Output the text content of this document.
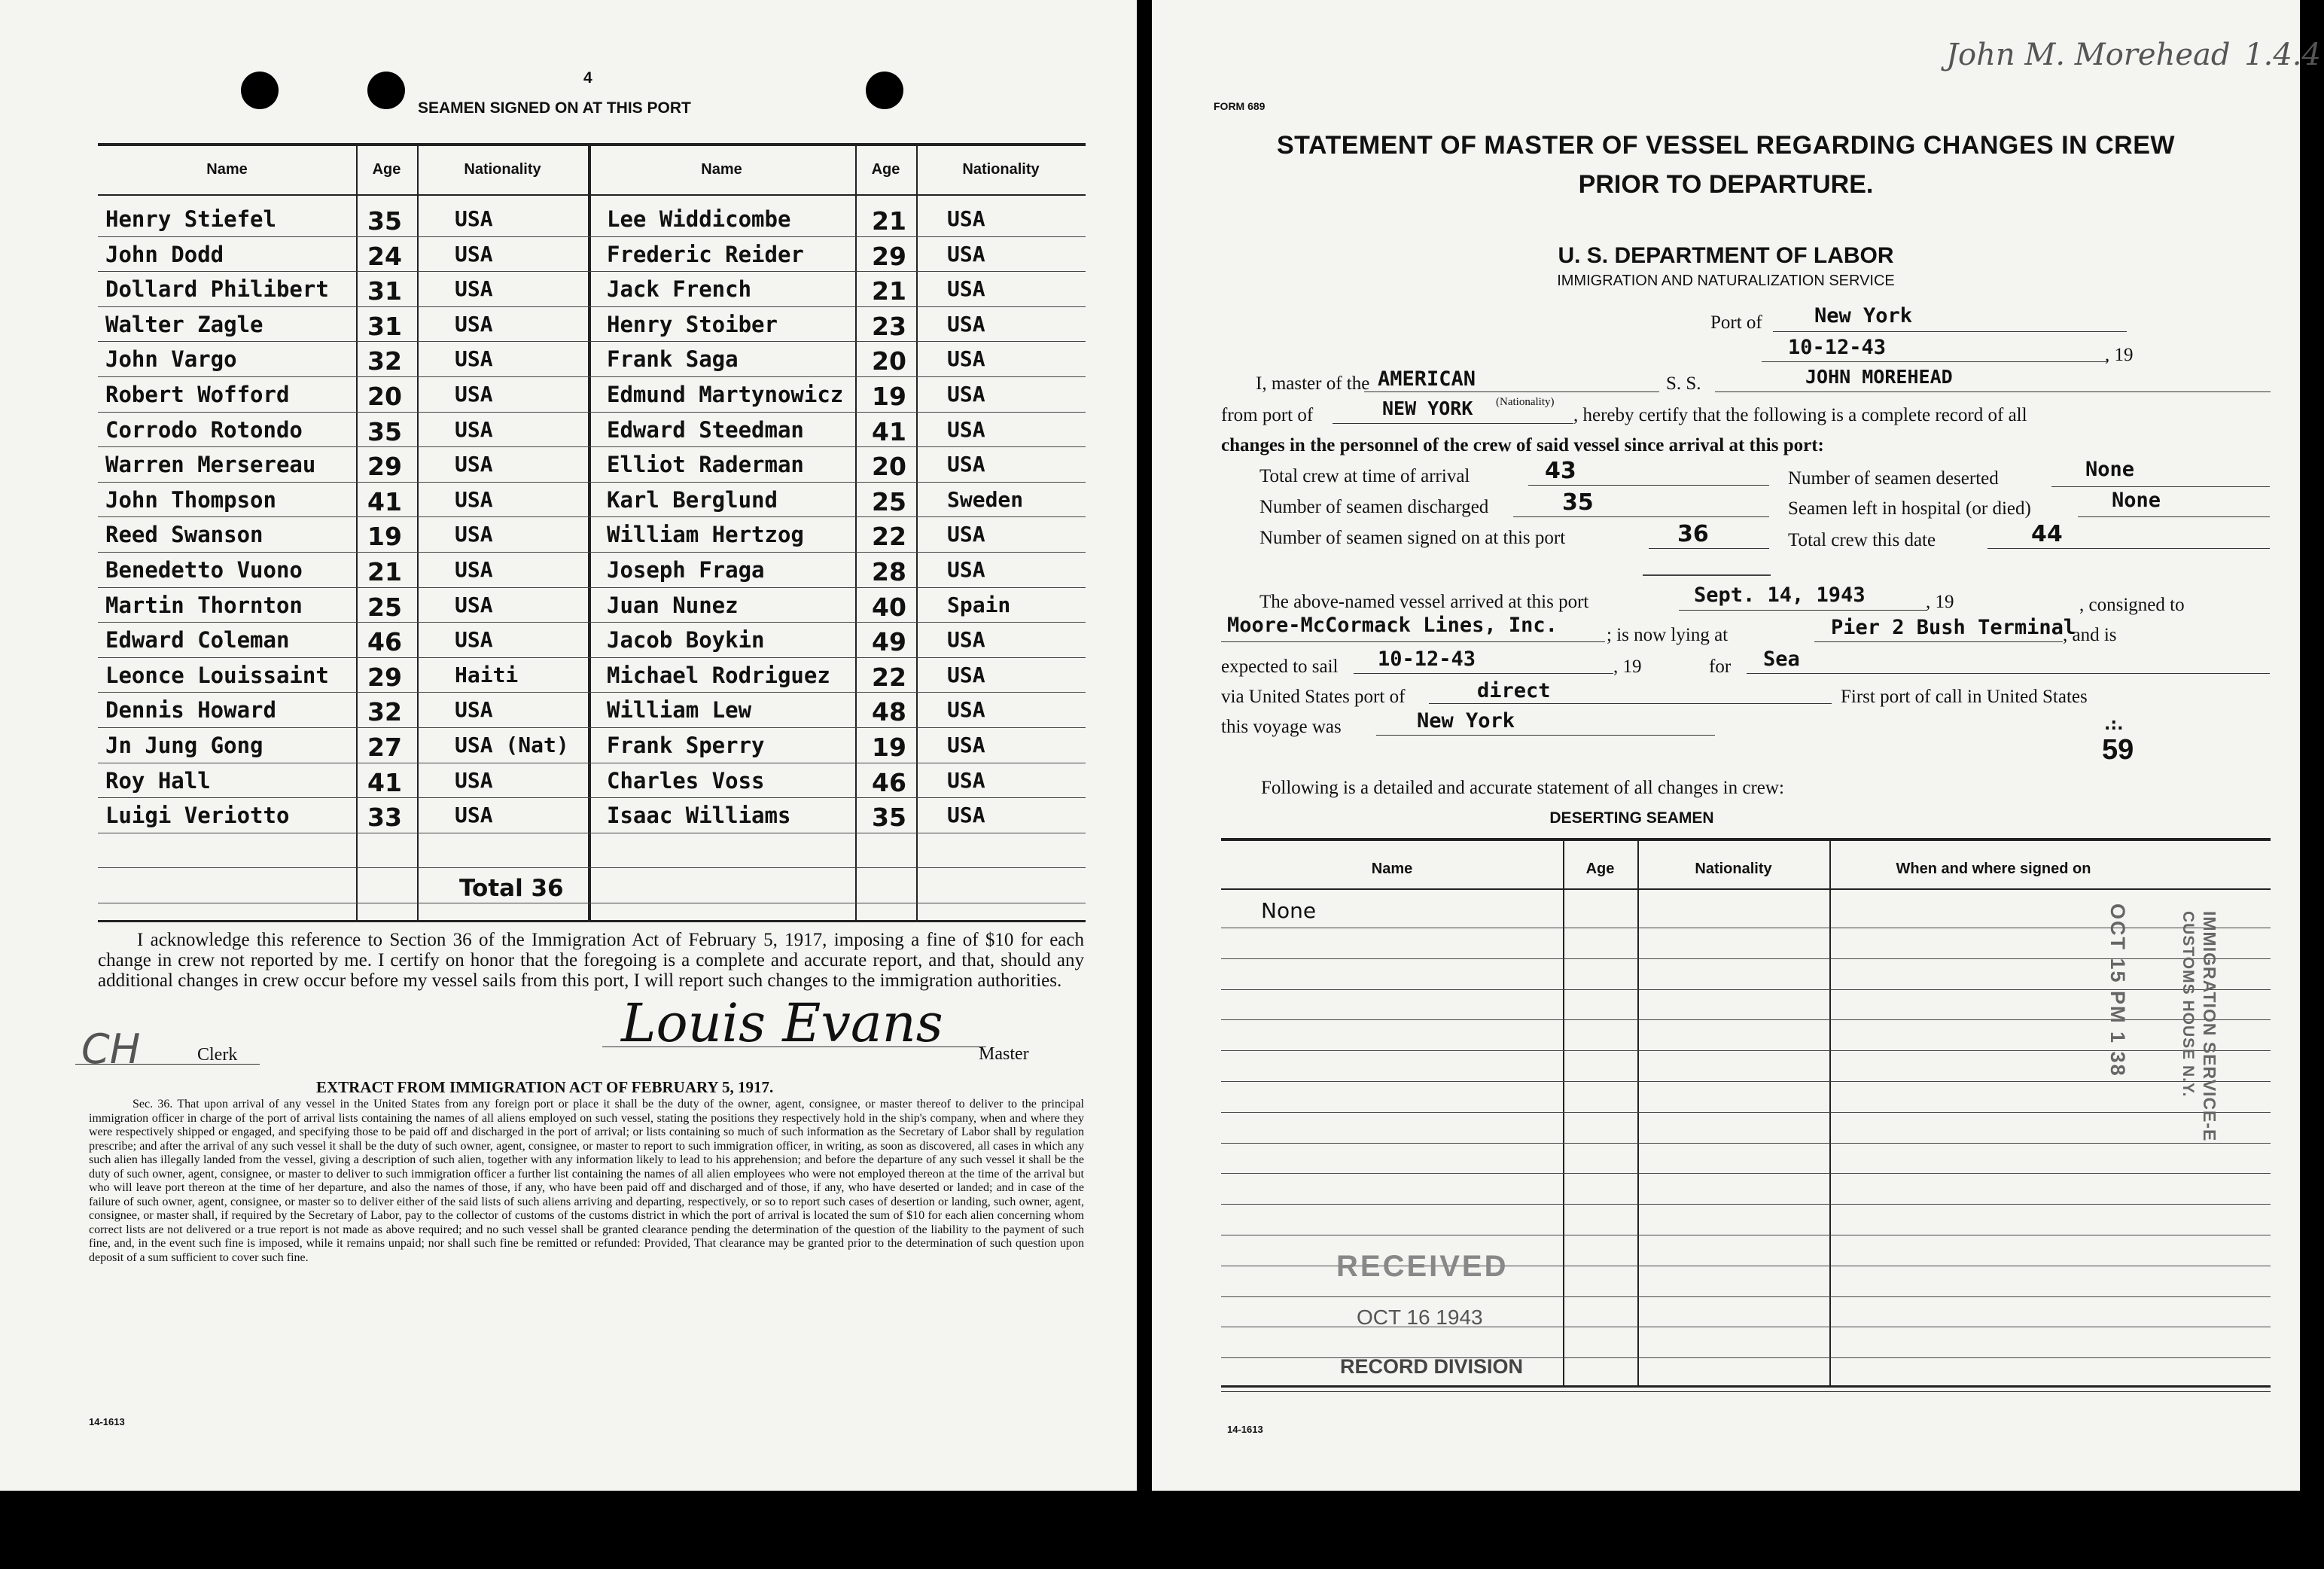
4
SEAMEN SIGNED ON AT THIS PORT
Name	Age	Nationality	Name	Age	Nationality
Henry Stiefel	35	USA	Lee Widdicombe	21 USA
John Dodd	24	USA	Frederic Reider	29 USA
Dollard Philibert 31	USA	Jack French	21 USA
Walter Zagle	31	USA	Henry Stoiber	23 USA
John Vargo	32	USA	Frank Saga	20 USA
Robert Wofford	20	USA	Edmund Martynowicz 19 USA
Corrodo Rotondo	35	USA	Edward Steedman	41 USA
Warren Mersereau 29	USA	Elliot Raderman	20 USA
John Thompson	41	USA	Karl Berglund	25 Sweden
Reed Swanson	19	USA	William Hertzog	22 USA
Benedetto Vuono	21	USA	Joseph Fraga	28 USA
Martin Thornton	25	USA	Juan Nunez	40 Spain
Edward Coleman	46	USA	Jacob Boykin	49 USA
Leonce Louissaint 29	Haiti	Michael Rodriguez 22 USA
Dennis Howard	32	USA	William Lew	48 USA
Jn Jung Gong	27	USA (Nat) Frank Sperry	19 USA
Roy Hall	41	USA	Charles Voss	46 USA
Luigi Veriotto	33	USA	Isaac Williams	35 USA
Total 36
I acknowledge this reference to Section 36 of the Immigration Act of February 5, 1917, imposing a fine of $10 for each change in crew not reported by me. I certify on honor that the foregoing is a complete and accurate report, and that, should any additional changes in crew occur before my vessel sails from this port, I will report such changes to the immigration authorities.
CH	Clerk
Louis Evans Master
EXTRACT FROM IMMIGRATION ACT OF FEBRUARY 5, 1917.
Sec. 36. That upon arrival of any vessel in the United States from any foreign port or place it shall be the duty of the owner, agent, consignee, or master thereof to deliver to the principal immigration officer in charge of the port of arrival lists containing the names of all aliens employed on such vessel, stating the positions they respectively hold in the ship's company, when and where they were respectively shipped or engaged, and specifying those to be paid off and discharged in the port of arrival; or lists containing so much of such information as the Secretary of Labor shall by regulation prescribe; and after the arrival of any such vessel it shall be the duty of such owner, agent, consignee, or master to report to such immigration officer, in writing, as soon as discovered, all cases in which any such alien has illegally landed from the vessel, giving a description of such alien, together with any information likely to lead to his apprehension; and before the departure of any such vessel it shall be the duty of such owner, agent, consignee, or master to deliver to such immigration officer a further list containing the names of all alien employees who were not employed thereon at the time of the arrival but who will leave port thereon at the time of her departure, and also the names of those, if any, who have been paid off and discharged and of those, if any, who have deserted or landed; and in case of the failure of such owner, agent, consignee, or master so to deliver either of the said lists of such aliens arriving and departing, respectively, or so to report such cases of desertion or landing, such owner, agent, consignee, or master shall, if required by the Secretary of Labor, pay to the collector of customs of the customs district in which the port of arrival is located the sum of $10 for each alien concerning whom correct lists are not delivered or a true report is not made as above required; and no such vessel shall be granted clearance pending the determination of the question of the liability to the payment of such fine, and, in the event such fine is imposed, while it remains unpaid; nor shall such fine be remitted or refunded: Provided, That clearance may be granted prior to the determination of such question upon deposit of a sum sufficient to cover such fine.
14-1613
John M. Morehead 1.4.4
FORM 689
STATEMENT OF MASTER OF VESSEL REGARDING CHANGES IN CREW
PRIOR TO DEPARTURE.
U. S. DEPARTMENT OF LABOR
IMMIGRATION AND NATURALIZATION SERVICE
Port of	New York
10-12-43	, 19
I, master of the AMERICAN	S. S.	JOHN MOREHEAD
from port of	NEW YORK (Nationality)
, hereby certify that the following is a complete record of all
changes in the personnel of the crew of said vessel since arrival at this port:
Total crew at time of arrival	43	Number of seamen deserted	None
Number of seamen discharged	35	Seamen left in hospital (or died)	None
Number of seamen signed on at this port	36	Total crew this date	44
The above-named vessel arrived at this port	Sept. 14, 1943	, 19	, consigned to
Moore-McCormack Lines, Inc.	; is now lying at	Pier 2 Bush Terminal
, and is
expected to sail 10-12-43	, 19	for Sea
via United States port of	direct	First port of call in United States
this voyage was	New York	.:.
59
Following is a detailed and accurate statement of all changes in crew:
DESERTING SEAMEN
Name	Age	Nationality	When and where signed on
None	OCT 15 PM 1 38	IMMIGRATION SERVICE-E
CUSTOMS HOUSE N.Y.
RECEIVED
OCT 16 1943
RECORD DIVISION
14-1613
